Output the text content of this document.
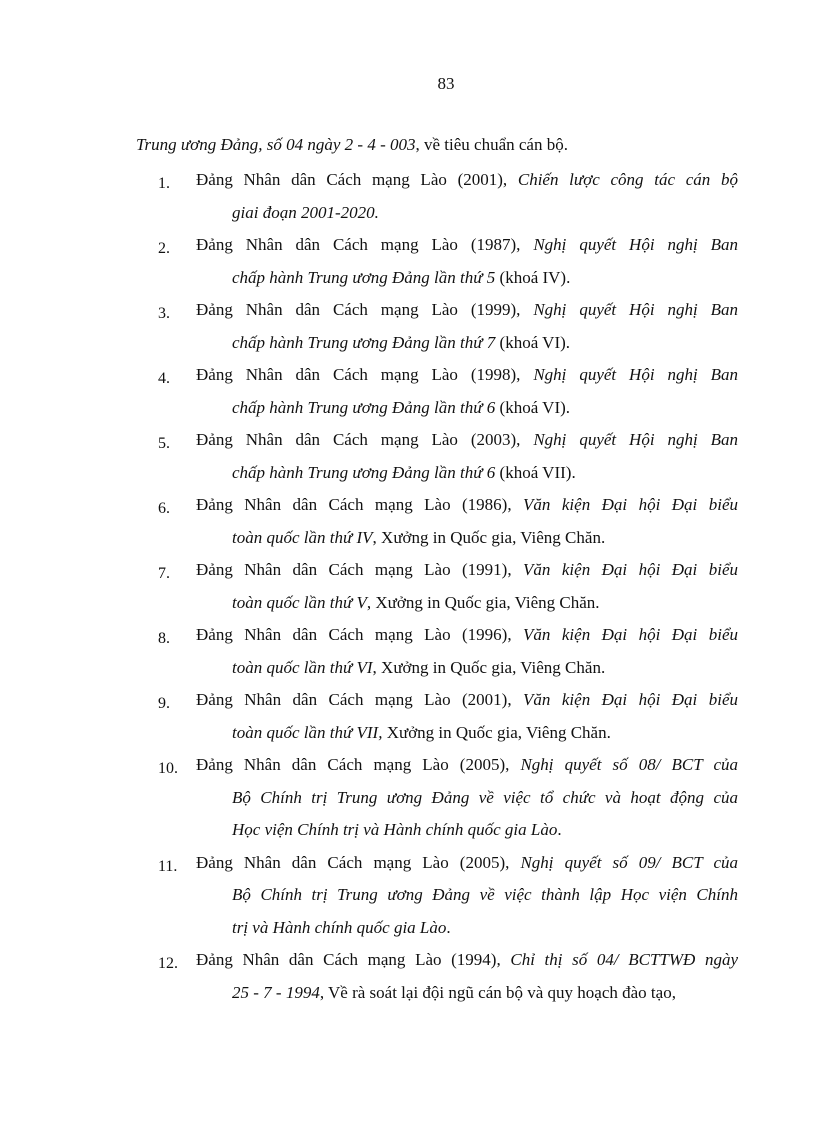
83
Trung ương Đảng, số 04 ngày 2 - 4 - 003, về tiêu chuẩn cán bộ.
1. Đảng Nhân dân Cách mạng Lào (2001), Chiến lược công tác cán bộ
giai đoạn 2001-2020.
2. Đảng Nhân dân Cách mạng Lào (1987), Nghị quyết Hội nghị Ban
chấp hành Trung ương Đảng lần thứ 5 (khoá IV).
3. Đảng Nhân dân Cách mạng Lào (1999), Nghị quyết Hội nghị Ban
chấp hành Trung ương Đảng lần thứ 7 (khoá VI).
4. Đảng Nhân dân Cách mạng Lào (1998), Nghị quyết Hội nghị Ban
chấp hành Trung ương Đảng lần thứ 6 (khoá VI).
5. Đảng Nhân dân Cách mạng Lào (2003), Nghị quyết Hội nghị Ban
chấp hành Trung ương Đảng lần thứ 6 (khoá VII).
6. Đảng Nhân dân Cách mạng Lào (1986), Văn kiện Đại hội Đại biểu
toàn quốc lần thứ IV, Xưởng in Quốc gia, Viêng Chăn.
7. Đảng Nhân dân Cách mạng Lào (1991), Văn kiện Đại hội Đại biểu
toàn quốc lần thứ V, Xưởng in Quốc gia, Viêng Chăn.
8. Đảng Nhân dân Cách mạng Lào (1996), Văn kiện Đại hội Đại biểu
toàn quốc lần thứ VI, Xưởng in Quốc gia, Viêng Chăn.
9. Đảng Nhân dân Cách mạng Lào (2001), Văn kiện Đại hội Đại biểu
toàn quốc lần thứ VII, Xưởng in Quốc gia, Viêng Chăn.
10. Đảng Nhân dân Cách mạng Lào (2005), Nghị quyết số 08/ BCT của
Bộ Chính trị Trung ương Đảng về việc tổ chức và hoạt động của
Học viện Chính trị và Hành chính quốc gia Lào.
11. Đảng Nhân dân Cách mạng Lào (2005), Nghị quyết số 09/ BCT của
Bộ Chính trị Trung ương Đảng về việc thành lập Học viện Chính
trị và Hành chính quốc gia Lào.
12. Đảng Nhân dân Cách mạng Lào (1994), Chỉ thị số 04/ BCTTWĐ ngày
25 - 7 - 1994, Về rà soát lại đội ngũ cán bộ và quy hoạch đào tạo,
